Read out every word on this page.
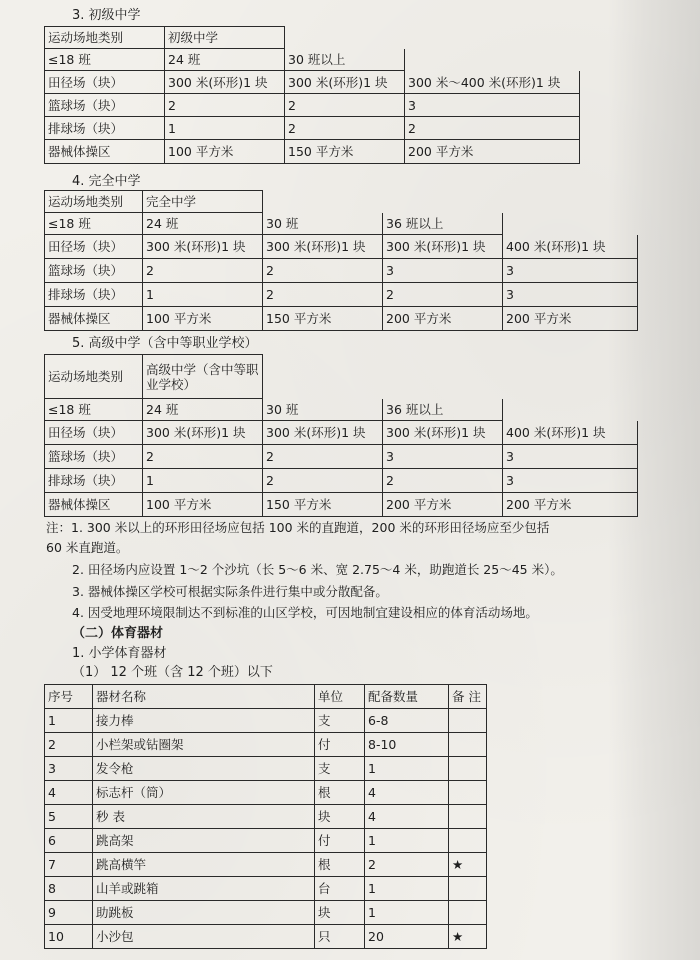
3. 初级中学
运动场地类别	初级中学		
≤18 班	24 班	30 班以上	
田径场（块）	300 米(环形)1 块	300 米(环形)1 块	300 米～400 米(环形)1 块
篮球场（块）	2	2	3
排球场（块）	1	2	2
器械体操区	100 平方米	150 平方米	200 平方米
4. 完全中学
运动场地类别	完全中学			
≤18 班	24 班	30 班	36 班以上	
田径场（块）	300 米(环形)1 块	300 米(环形)1 块	300 米(环形)1 块	400 米(环形)1 块
篮球场（块）	2	2	3	3
排球场（块）	1	2	2	3
器械体操区	100 平方米	150 平方米	200 平方米	200 平方米
5. 高级中学（含中等职业学校）
运动场地类别	高级中学（含中等职业学校）			
≤18 班	24 班	30 班	36 班以上	
田径场（块）	300 米(环形)1 块	300 米(环形)1 块	300 米(环形)1 块	400 米(环形)1 块
篮球场（块）	2	2	3	3
排球场（块）	1	2	2	3
器械体操区	100 平方米	150 平方米	200 平方米	200 平方米
注：1. 300 米以上的环形田径场应包括 100 米的直跑道，200 米的环形田径场应至少包括
60 米直跑道。
2. 田径场内应设置 1～2 个沙坑（长 5～6 米、宽 2.75～4 米，助跑道长 25～45 米）。
3. 器械体操区学校可根据实际条件进行集中或分散配备。
4. 因受地理环境限制达不到标准的山区学校，可因地制宜建设相应的体育活动场地。
（二）体育器材
1. 小学体育器材
（1） 12 个班（含 12 个班）以下
序号	器材名称	单位	配备数量	备 注
1	接力棒	支	6-8	
2	小栏架或钻圈架	付	8-10	
3	发令枪	支	1	
4	标志杆（筒）	根	4	
5	秒 表	块	4	
6	跳高架	付	1	
7	跳高横竿	根	2	★
8	山羊或跳箱	台	1	
9	助跳板	块	1	
10	小沙包	只	20	★
